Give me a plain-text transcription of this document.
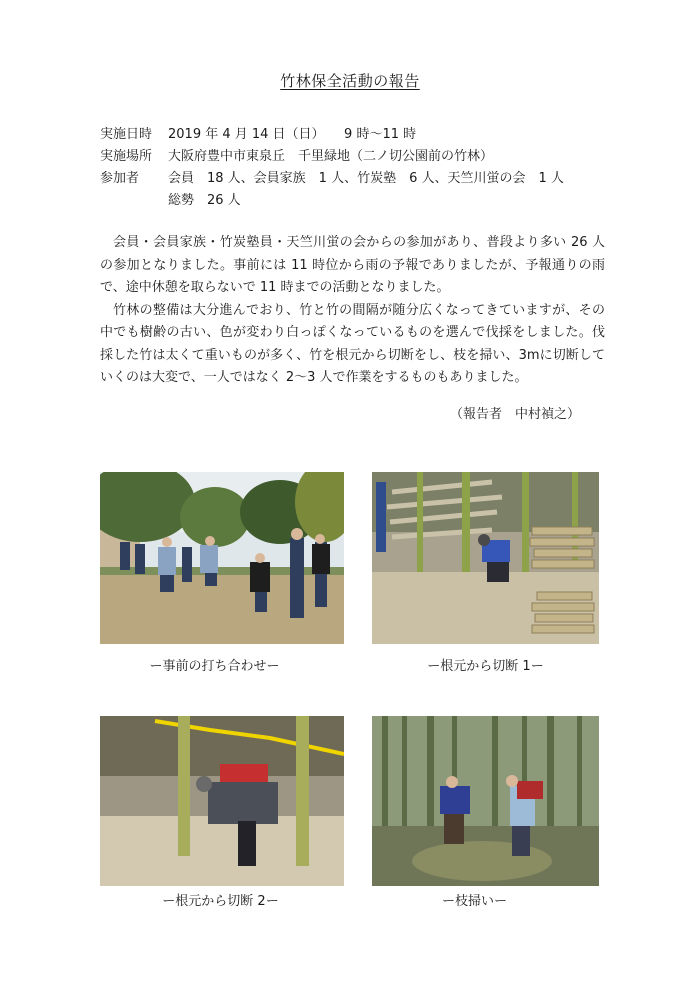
竹林保全活動の報告
実施日時	2019 年 4 月 14 日（日）　　9 時〜11 時
実施場所	大阪府豊中市東泉丘　千里緑地（二ノ切公園前の竹林）
参加者	会員　18 人、会員家族　1 人、竹炭塾　6 人、天竺川蛍の会　1 人
総勢　26 人

会員・会員家族・竹炭塾員・天竺川蛍の会からの参加があり、普段より多い 26 人の参加となりました。事前には 11 時位から雨の予報でありましたが、予報通りの雨で、途中休憩を取らないで 11 時までの活動となりました。

竹林の整備は大分進んでおり、竹と竹の間隔が随分広くなってきていますが、その中でも樹齢の古い、色が変わり白っぽくなっているものを選んで伐採をしました。伐採した竹は太くて重いものが多く、竹を根元から切断をし、枝を掃い、3mに切断していくのは大変で、一人ではなく 2〜3 人で作業をするものもありました。

（報告者　中村禎之）
ー事前の打ち合わせー	ー根元から切断 1ー
ー根元から切断 2ー	ー枝掃いー
